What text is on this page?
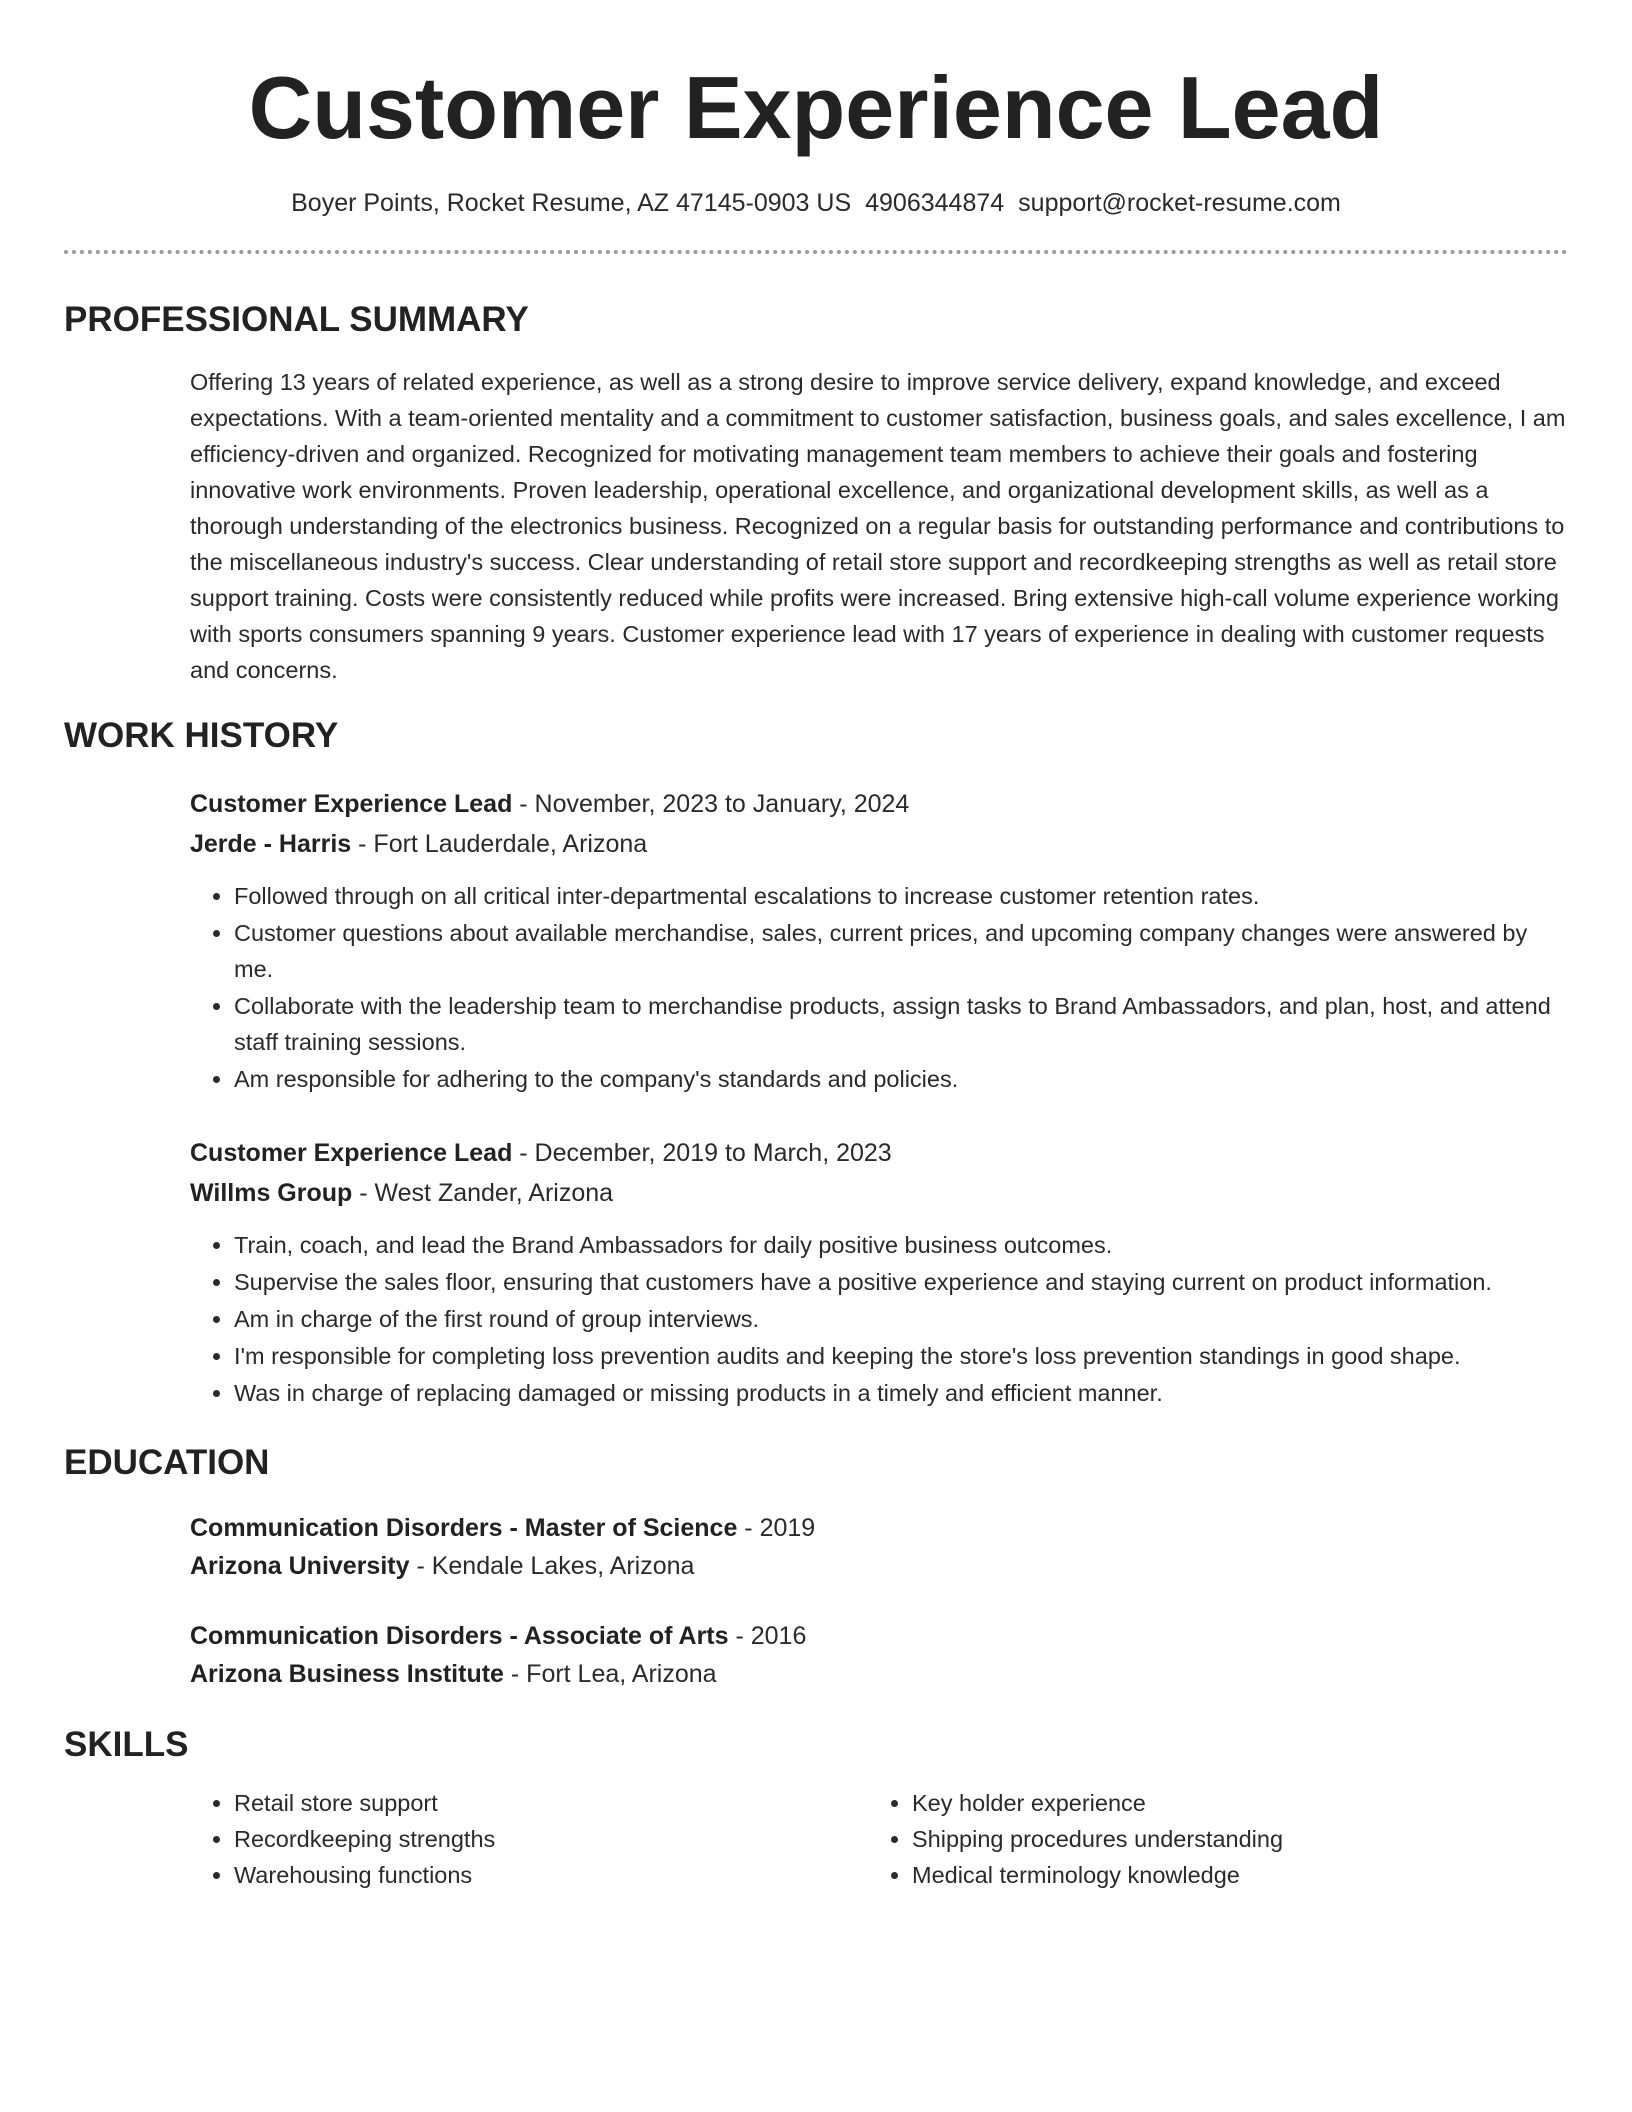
Customer Experience Lead
Boyer Points, Rocket Resume, AZ 47145-0903 US 4906344874 support@rocket-resume.com
PROFESSIONAL SUMMARY

Offering 13 years of related experience, as well as a strong desire to improve service delivery, expand knowledge, and exceed expectations. With a team-oriented mentality and a commitment to customer satisfaction, business goals, and sales excellence, I am efficiency-driven and organized. Recognized for motivating management team members to achieve their goals and fostering innovative work environments. Proven leadership, operational excellence, and organizational development skills, as well as a thorough understanding of the electronics business. Recognized on a regular basis for outstanding performance and contributions to the miscellaneous industry's success. Clear understanding of retail store support and recordkeeping strengths as well as retail store support training. Costs were consistently reduced while profits were increased. Bring extensive high-call volume experience working with sports consumers spanning 9 years. Customer experience lead with 17 years of experience in dealing with customer requests and concerns.

WORK HISTORY
Customer Experience Lead - November, 2023 to January, 2024
Jerde - Harris - Fort Lauderdale, Arizona
• Followed through on all critical inter-departmental escalations to increase customer retention rates.
• Customer questions about available merchandise, sales, current prices, and upcoming company changes were answered by me.
• Collaborate with the leadership team to merchandise products, assign tasks to Brand Ambassadors, and plan, host, and attend staff training sessions.
• Am responsible for adhering to the company's standards and policies.
Customer Experience Lead - December, 2019 to March, 2023
Willms Group - West Zander, Arizona
• Train, coach, and lead the Brand Ambassadors for daily positive business outcomes.
• Supervise the sales floor, ensuring that customers have a positive experience and staying current on product information.
• Am in charge of the first round of group interviews.
• I'm responsible for completing loss prevention audits and keeping the store's loss prevention standings in good shape.
• Was in charge of replacing damaged or missing products in a timely and efficient manner.
EDUCATION
Communication Disorders - Master of Science - 2019
Arizona University - Kendale Lakes, Arizona
Communication Disorders - Associate of Arts - 2016
Arizona Business Institute - Fort Lea, Arizona
SKILLS
• Retail store support
• Recordkeeping strengths
• Warehousing functions
• Key holder experience
• Shipping procedures understanding
• Medical terminology knowledge
